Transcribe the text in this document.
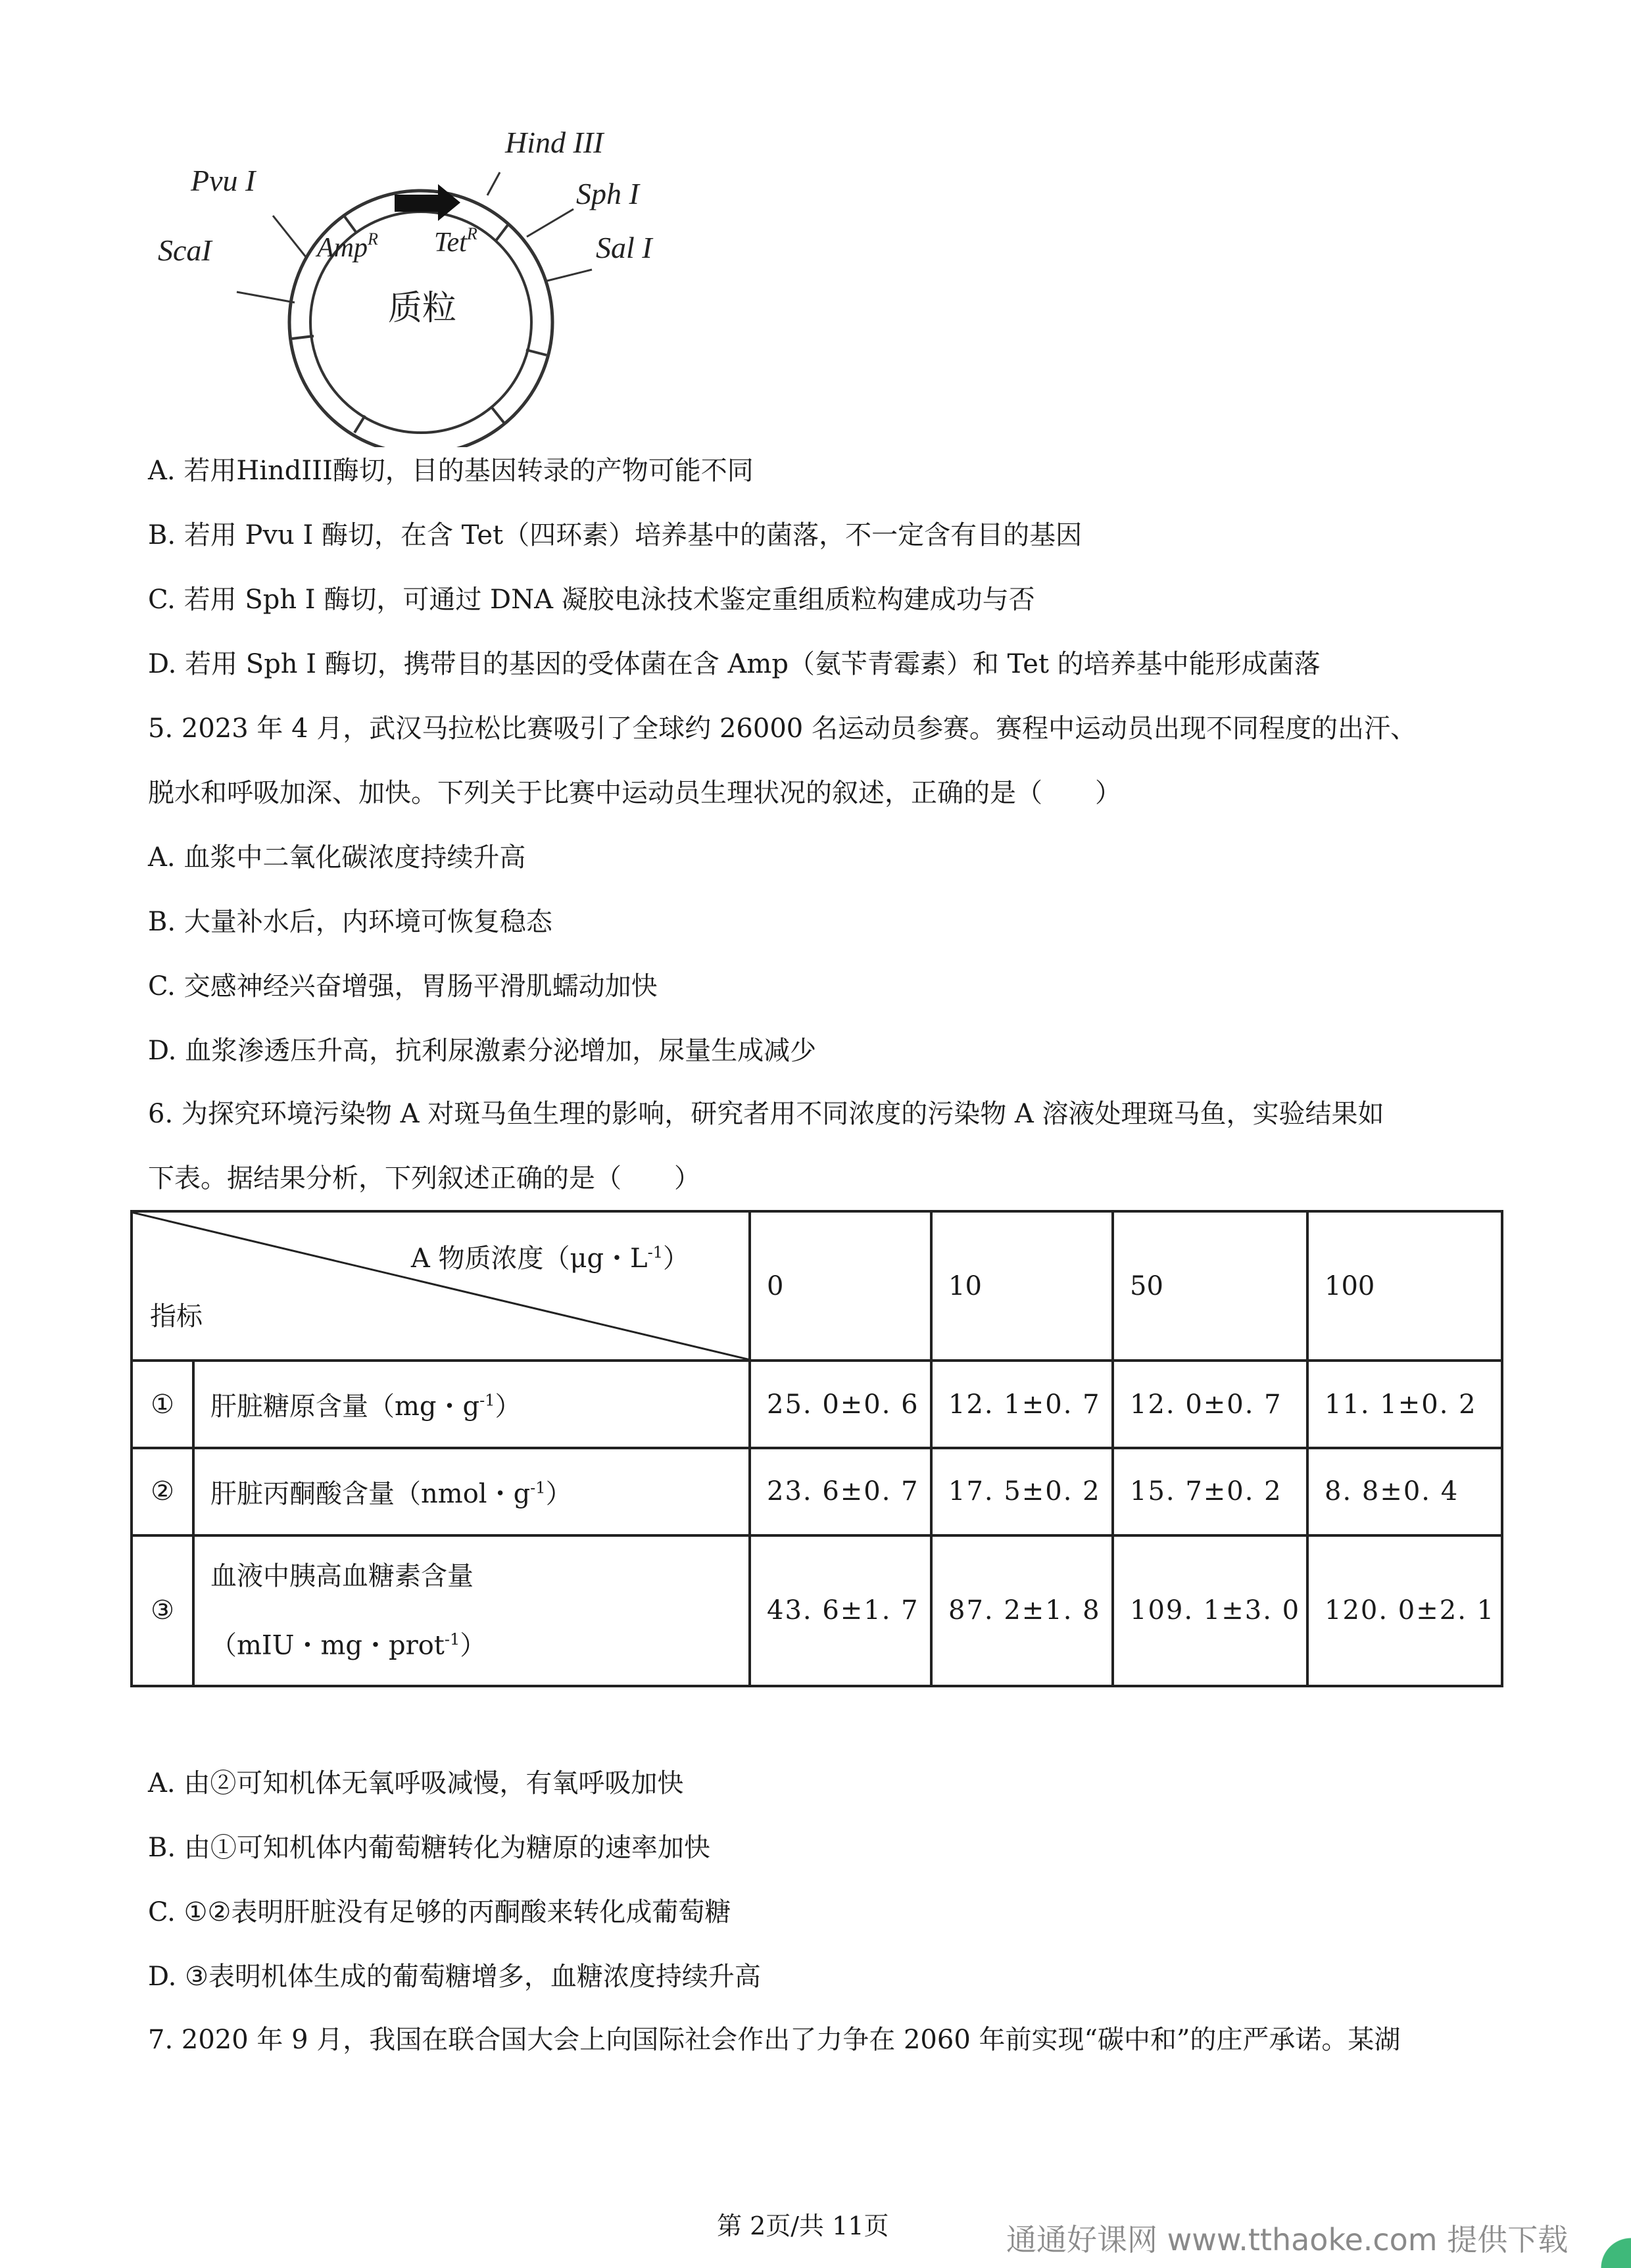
Hind III
Sph I
Sal I
Pvu I
ScaI	Amp$^R$ Tet$^R$
质粒
A. 若用HindIII酶切，目的基因转录的产物可能不同
B. 若用 Pvu I 酶切，在含 Tet（四环素）培养基中的菌落，不一定含有目的基因
C. 若用 Sph I 酶切，可通过 DNA 凝胶电泳技术鉴定重组质粒构建成功与否
D. 若用 Sph I 酶切，携带目的基因的受体菌在含 Amp（氨苄青霉素）和 Tet 的培养基中能形成菌落
5. 2023 年 4 月，武汉马拉松比赛吸引了全球约 26000 名运动员参赛。赛程中运动员出现不同程度的出汗、
脱水和呼吸加深、加快。下列关于比赛中运动员生理状况的叙述，正确的是（　　）
A. 血浆中二氧化碳浓度持续升高
B. 大量补水后，内环境可恢复稳态
C. 交感神经兴奋增强，胃肠平滑肌蠕动加快
D. 血浆渗透压升高，抗利尿激素分泌增加，尿量生成减少
6. 为探究环境污染物 A 对斑马鱼生理的影响，研究者用不同浓度的污染物 A 溶液处理斑马鱼，实验结果如
下表。据结果分析，下列叙述正确的是（　　）
A 物质浓度（μg・$L^{-1}$）
指标		0	10	50	100
①	肝脏糖原含量（mg・$g^{-1}$）	25. 0±0. 6	12. 1±0. 7	12. 0±0. 7	11. 1±0. 2
②	肝脏丙酮酸含量（nmol・$g^{-1}$）	23. 6±0. 7	17. 5±0. 2	15. 7±0. 2	8. 8±0. 4
③	血液中胰高血糖素含量
（mIU・mg・prot$^{-1}$）	43. 6±1. 7	87. 2±1. 8	109. 1±3. 0	120. 0±2. 1
A. 由②可知机体无氧呼吸减慢，有氧呼吸加快
B. 由①可知机体内葡萄糖转化为糖原的速率加快
C. ①②表明肝脏没有足够的丙酮酸来转化成葡萄糖
D. ③表明机体生成的葡萄糖增多，血糖浓度持续升高
7. 2020 年 9 月，我国在联合国大会上向国际社会作出了力争在 2060 年前实现“碳中和”的庄严承诺。某湖
第 2页/共 11页	通通好课网 www.tthaoke.com 提供下载
